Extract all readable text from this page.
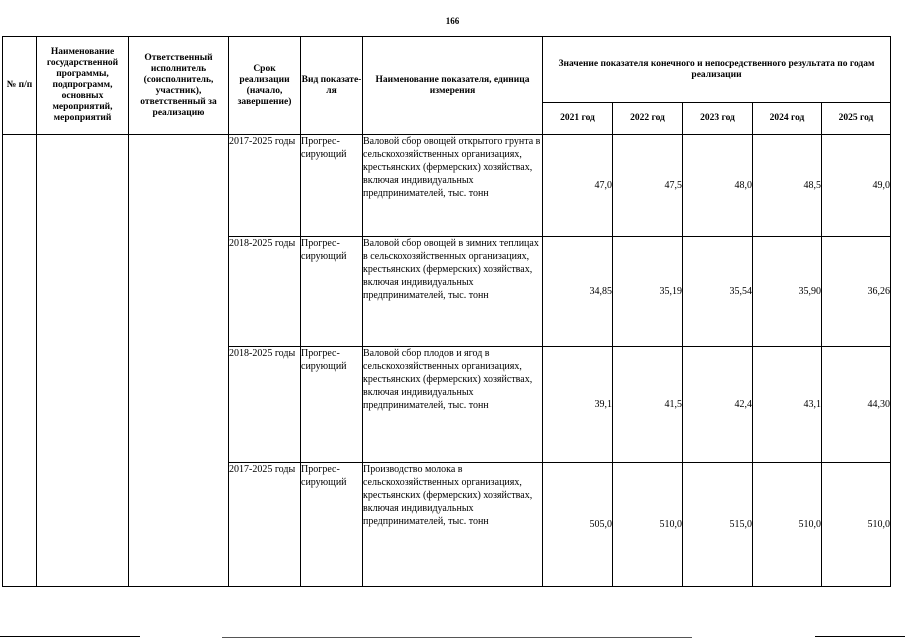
166
№ п/п	Наименование государственной программы, подпрограмм, основных мероприятий, мероприятий	Ответственный исполнитель (соисполнитель, участник), ответственный за реализацию	Срок реализации (начало, завершение)	Вид показате-ля	Наименование показателя, единица измерения	Значение показателя конечного и непосредственного результата по годам реализации				
						2021 год	2022 год	2023 год	2024 год	2025 год
			2017-2025 годы	Прогрес-сирующий	Валовой сбор овощей открытого грунта в сельскохозяйственных организациях, крестьянских (фермерских) хозяйствах, включая индивидуальных предпринимателей, тыс. тонн	47,0	47,5	48,0	48,5	49,0
			2018-2025 годы	Прогрес-сирующий	Валовой сбор овощей в зимних теплицах в сельскохозяйственных организациях, крестьянских (фермерских) хозяйствах, включая индивидуальных предпринимателей, тыс. тонн	34,85	35,19	35,54	35,90	36,26
			2018-2025 годы	Прогрес-сирующий	Валовой сбор плодов и ягод в сельскохозяйственных организациях, крестьянских (фермерских) хозяйствах, включая индивидуальных предпринимателей, тыс. тонн	39,1	41,5	42,4	43,1	44,30
			2017-2025 годы	Прогрес-сирующий	Производство молока в сельскохозяйственных организациях, крестьянских (фермерских) хозяйствах, включая индивидуальных предпринимателей, тыс. тонн	505,0	510,0	515,0	510,0	510,0
